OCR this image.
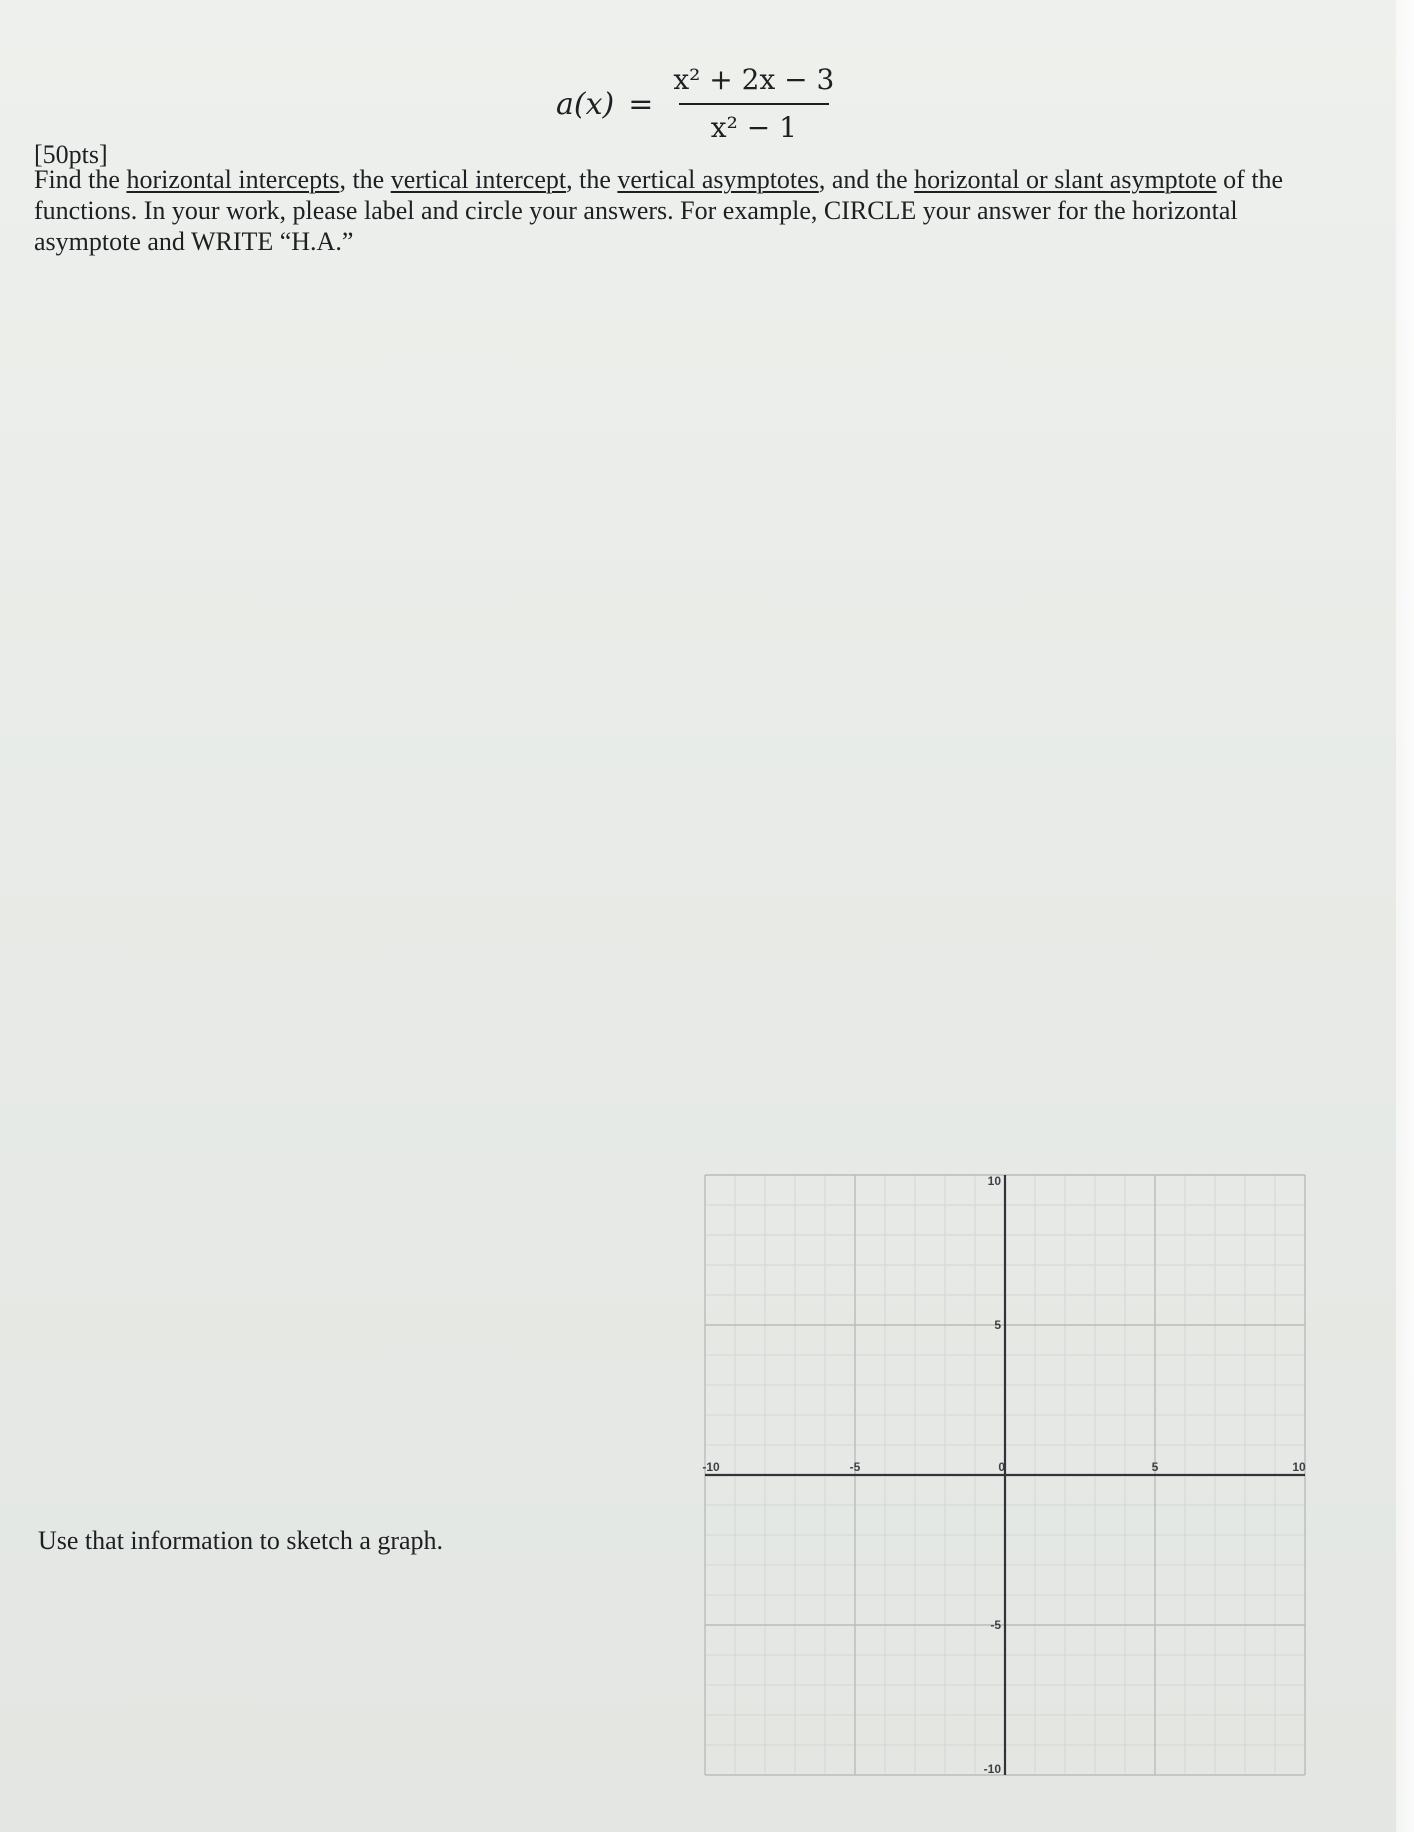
$a(x) = \frac{\text{x² + 2x − 3}}{\text{x² − 1}}$
[50pts]
Find the horizontal intercepts, the vertical intercept, the vertical asymptotes, and the horizontal or slant asymptote of the functions. In your work, please label and circle your answers. For example, CIRCLE your answer for the horizontal asymptote and WRITE “H.A.”
Use that information to sketch a graph.
-10	-5	0	5	10
10
5
-5
-10
